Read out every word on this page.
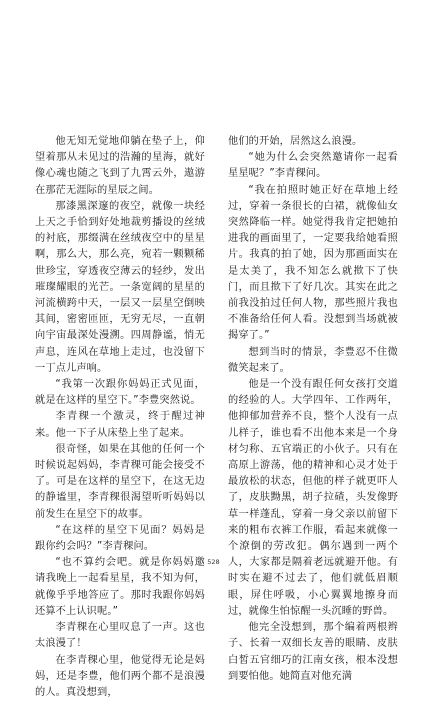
他无知无觉地仰躺在垫子上，仰望着那从未见过的浩瀚的星海，就好像心魂也随之飞到了九霄云外，遨游在那茫无涯际的星辰之间。

那漆黑深邃的夜空，就像一块经上天之手恰到好处地裁剪播设的丝绒的衬底，那缀满在丝绒夜空中的星星啊，那么大，那么亮，宛若一颗颗稀世珍宝，穿透夜空薄云的轻纱，发出璀璨耀眼的光芒。一条宽阔的星星的河流横跨中天，一层又一层星空倒映其间，密密匝匝，无穷无尽，一直朝向宇宙最深处漫溯。四周静谧，悄无声息，连风在草地上走过，也没留下一丁点儿声响。

“我第一次跟你妈妈正式见面，就是在这样的星空下。”李豊突然说。

李青稞一个激灵，终于醒过神来。他一下子从床垫上坐了起来。

很奇怪，如果在其他的任何一个时候说起妈妈，李青稞可能会接受不了。可是在这样的星空下，在这无边的静谧里，李青稞很渴望听听妈妈以前发生在星空下的故事。

“在这样的星空下见面？妈妈是跟你约会吗？”李青稞问。

“也不算约会吧。就是你妈妈邀请我晚上一起看星星，我不知为何，就像乎乎地答应了。那时我跟你妈妈还算不上认识呢。”

李青稞在心里叹息了一声。这也太浪漫了！

在李青稞心里，他觉得无论是妈妈，还是李豊，他们两个都不是浪漫的人。真没想到，

他们的开始，居然这么浪漫。

“她为什么会突然邀请你一起看星星呢？”李青稞问。

“我在拍照时她正好在草地上经过，穿着一条很长的白裙，就像仙女突然降临一样。她觉得我肯定把她拍进我的画面里了，一定要我给她看照片。我真的拍了她，因为那画面实在是太美了，我不知怎么就揿下了快门，而且揿下了好几次。其实在此之前我没拍过任何人物，那些照片我也不准备给任何人看。没想到当场就被揭穿了。”

想到当时的情景，李豊忍不住微微笑起来了。

他是一个没有跟任何女孩打交道的经验的人。大学四年、工作两年，他抑郁加营养不良，整个人没有一点儿样子，谁也看不出他本来是一个身材匀称、五官端正的小伙子。只有在高原上游荡，他的精神和心灵才处于最放松的状态，但他的样子就更吓人了，皮肤黝黑，胡子拉碴，头发像野草一样蓬乱，穿着一身父亲以前留下来的粗布衣裤工作服，看起来就像一个潦倒的劳改犯。偶尔遇到一两个人，大家都是隔着老远就避开他。有时实在避不过去了，他们就低眉顺眼，屏住呼吸，小心翼翼地擦身而过，就像生怕惊醒一头沉睡的野兽。

他完全没想到，那个编着两根辫子、长着一双细长友善的眼睛、皮肤白皙五官细巧的江南女孩，根本没想到要怕他。她简直对他充满

528
